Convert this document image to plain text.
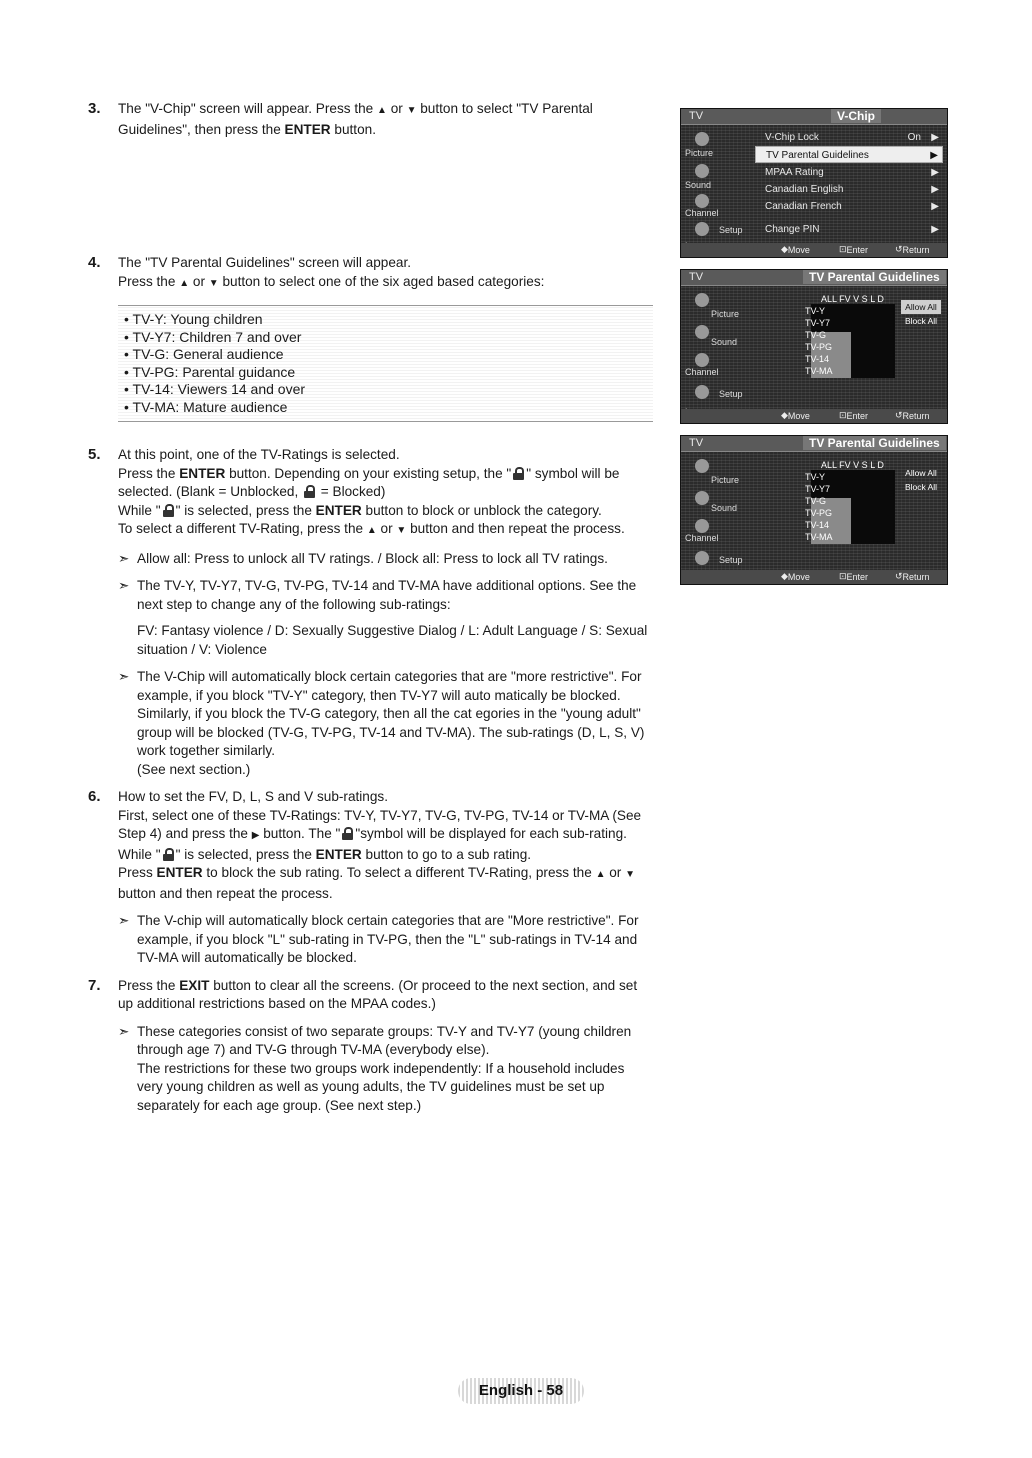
3. The "V-Chip" screen will appear. Press the ▲ or ▼ button to select "TV Parental Guidelines", then press the ENTER button.
4. The "TV Parental Guidelines" screen will appear.
Press the ▲ or ▼ button to select one of the six aged based categories:
• TV-Y: Young children
• TV-Y7: Children 7 and over
• TV-G: General audience
• TV-PG: Parental guidance
• TV-14: Viewers 14 and over
• TV-MA: Mature audience
5. At this point, one of the TV-Ratings is selected.
Press the ENTER button. Depending on your existing setup, the " " symbol will be selected. (Blank = Unblocked, = Blocked)
While " " is selected, press the ENTER button to block or unblock the category.
To select a different TV-Rating, press the ▲ or ▼ button and then repeat the process.
➣ Allow all: Press to unlock all TV ratings. / Block all: Press to lock all TV ratings.
➣ The TV-Y, TV-Y7, TV-G, TV-PG, TV-14 and TV-MA have additional options. See the next step to change any of the following sub-ratings:
FV: Fantasy violence / D: Sexually Suggestive Dialog / L: Adult Language / S: Sexual situation / V: Violence
➣ The V-Chip will automatically block certain categories that are "more restrictive". For example, if you block "TV-Y" category, then TV-Y7 will auto matically be blocked. Similarly, if you block the TV-G category, then all the cat egories in the "young adult" group will be blocked (TV-G, TV-PG, TV-14 and TV-MA). The sub-ratings (D, L, S, V) work together similarly.
(See next section.)
6. How to set the FV, D, L, S and V sub-ratings.
First, select one of these TV-Ratings: TV-Y, TV-Y7, TV-G, TV-PG, TV-14 or TV-MA (See Step 4) and press the ▶ button. The " "symbol will be displayed for each sub-rating.
While " " is selected, press the ENTER button to go to a sub rating.
Press ENTER to block the sub rating. To select a different TV-Rating, press the ▲ or ▼ button and then repeat the process.
➣ The V-chip will automatically block certain categories that are "More restrictive". For example, if you block "L" sub-rating in TV-PG, then the "L" sub-ratings in TV-14 and TV-MA will automatically be blocked.
7. Press the EXIT button to clear all the screens. (Or proceed to the next section, and set up additional restrictions based on the MPAA codes.)
➣ These categories consist of two separate groups: TV-Y and TV-Y7 (young children through age 7) and TV-G through TV-MA (everybody else).
The restrictions for these two groups work independently: If a household includes very young children as well as young adults, the TV guidelines must be set up separately for each age group. (See next step.)
TV	V-Chip
Picture
Sound
Channel
Setup
V-Chip Lock	On ▶
TV Parental Guidelines	▶
MPAA Rating	▶
Canadian English	▶
Canadian French	▶
Change PIN	▶
◆ Move	⊡ Enter	↺ Return
TV	TV Parental Guidelines
Picture
Sound
Channel
Setup
ALL FV V S L D
TV-Y
TV-Y7
TV-G
TV-PG
TV-14
TV-MA
Allow All
Block All
◆ Move	⊡ Enter	↺ Return
TV	TV Parental Guidelines
Picture
Sound
Channel
Setup
ALL FV V S L D
TV-Y
TV-Y7
TV-G
TV-PG
TV-14
TV-MA
Allow All
Block All
◆ Move	⊡ Enter	↺ Return
English - 58
